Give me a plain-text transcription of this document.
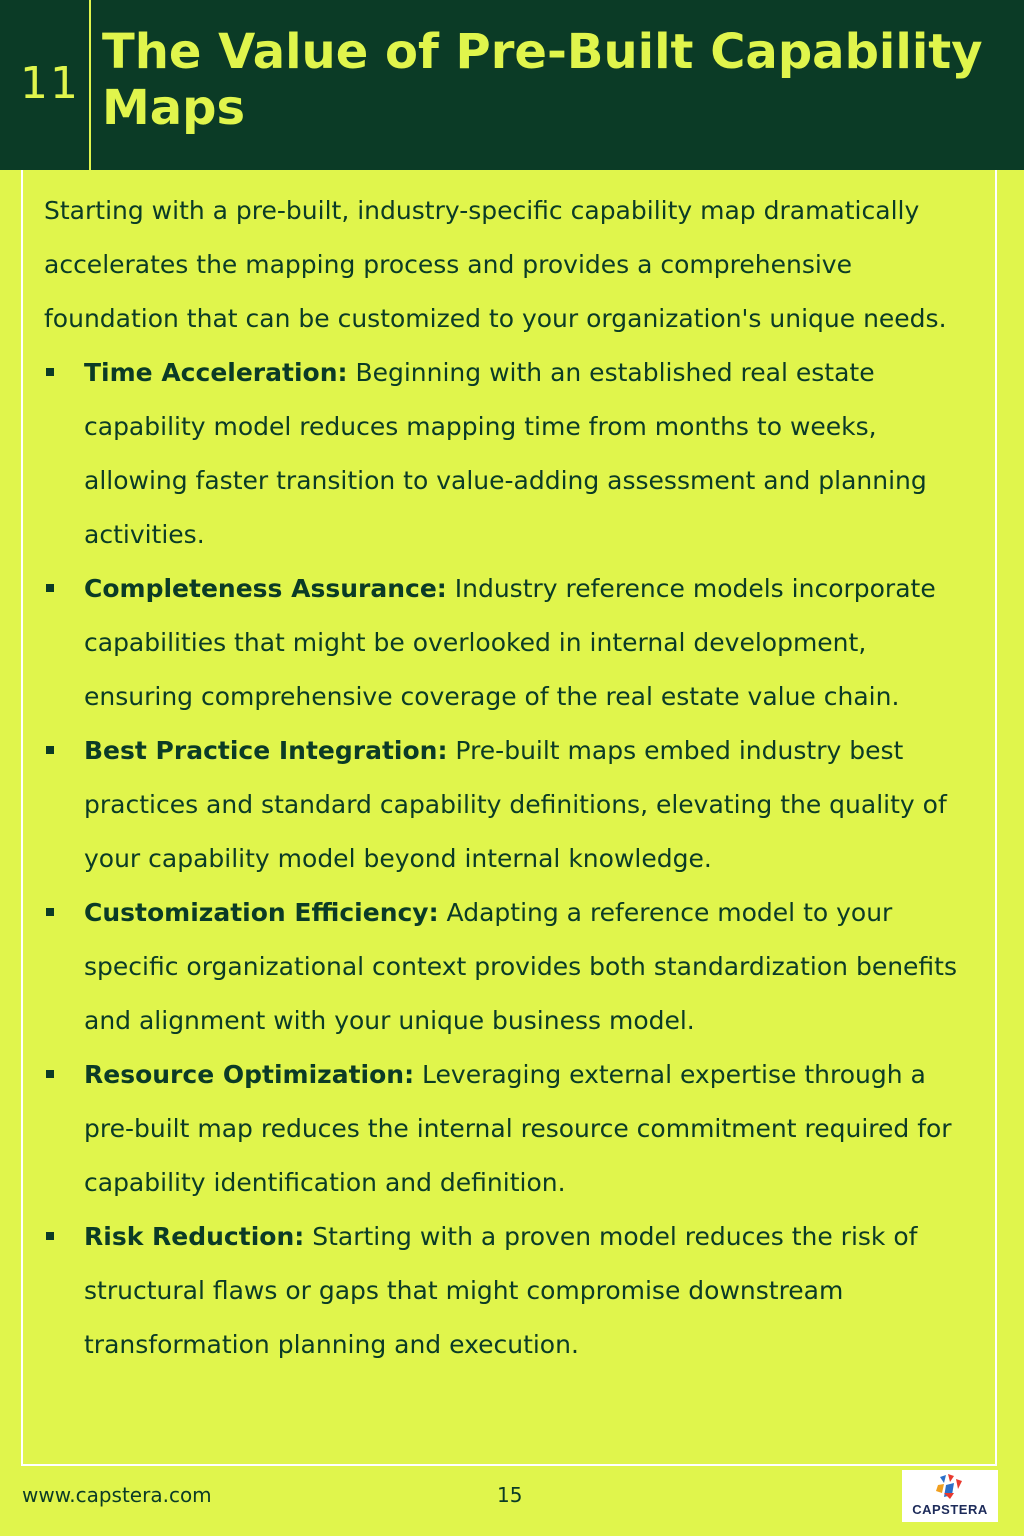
11
The Value of Pre-Built Capability Maps

Starting with a pre-built, industry-specific capability map dramatically accelerates the mapping process and provides a comprehensive foundation that can be customized to your organization's unique needs.

Time Acceleration: Beginning with an established real estate capability model reduces mapping time from months to weeks, allowing faster transition to value-adding assessment and planning activities.
Completeness Assurance: Industry reference models incorporate capabilities that might be overlooked in internal development, ensuring comprehensive coverage of the real estate value chain.
Best Practice Integration: Pre-built maps embed industry best practices and standard capability definitions, elevating the quality of your capability model beyond internal knowledge.
Customization Efficiency: Adapting a reference model to your specific organizational context provides both standardization benefits and alignment with your unique business model.
Resource Optimization: Leveraging external expertise through a pre-built map reduces the internal resource commitment required for capability identification and definition.
Risk Reduction: Starting with a proven model reduces the risk of structural flaws or gaps that might compromise downstream transformation planning and execution.
www.capstera.com	15
CAPSTERA
